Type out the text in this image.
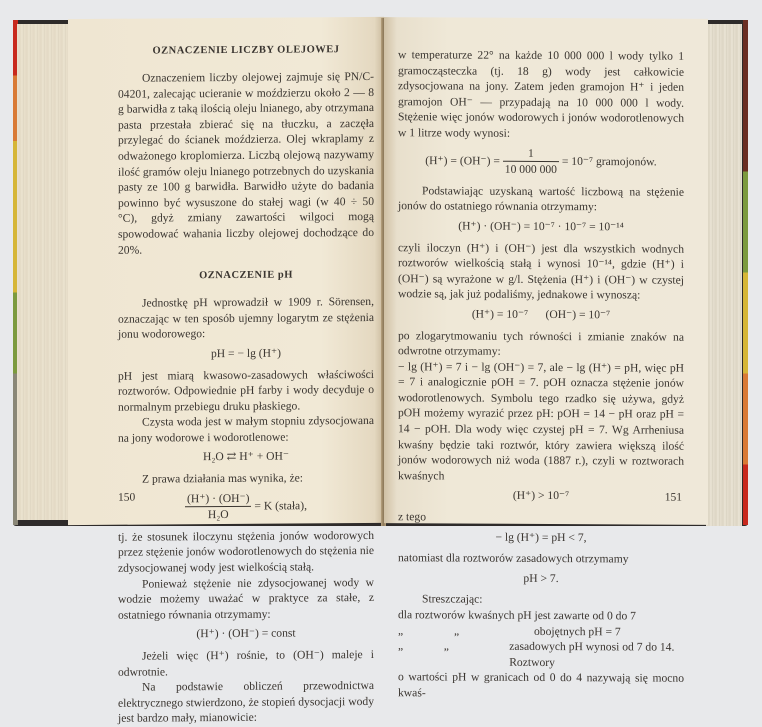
OZNACZENIE LICZBY OLEJOWEJ

Oznaczeniem liczby olejowej zajmuje się PN/C-04201, zalecając ucieranie w moździerzu około 2 — 8 g barwidła z taką ilością oleju lnianego, aby otrzymana pasta przestała zbierać się na tłuczku, a zaczęła przylegać do ścianek moździerza. Olej wkraplamy z odważonego kroplomierza. Liczbą olejową nazywamy ilość gramów oleju lnianego potrzebnych do uzyskania pasty ze 100 g barwidła. Barwidło użyte do badania powinno być wysuszone do stałej wagi (w 40 ÷ 50 °C), gdyż zmiany zawartości wilgoci mogą spowodować wahania liczby olejowej dochodzące do 20%.

OZNACZENIE pH

Jednostkę pH wprowadził w 1909 r. Sörensen, oznaczając w ten sposób ujemny logarytm ze stężenia jonu wodorowego:

pH = − lg (H⁺)

pH jest miarą kwasowo-zasadowych właściwości roztworów. Odpowiednie pH farby i wody decyduje o normalnym przebiegu druku płaskiego.

Czysta woda jest w małym stopniu zdysocjowana na jony wodorowe i wodorotlenowe:

H₂O ⇄ H⁺ + OH⁻

Z prawa działania mas wynika, że:

$\frac{(H^+) \cdot (OH^-)}{\text{H₂O}} = K$ (stała),

tj. że stosunek iloczynu stężenia jonów wodorowych przez stężenie jonów wodorotlenowych do stężenia nie zdysocjowanej wody jest wielkością stałą.

Ponieważ stężenie nie zdysocjowanej wody w wodzie możemy uważać w praktyce za stałe, z ostatniego równania otrzymamy:

(H⁺) · (OH⁻) = const

Jeżeli więc (H⁺) rośnie, to (OH⁻) maleje i odwrotnie.

Na podstawie obliczeń przewodnictwa elektrycznego stwierdzono, że stopień dysocjacji wody jest bardzo mały, mianowicie:

150

w temperaturze 22° na każde 10 000 000 l wody tylko 1 gramocząsteczka (tj. 18 g) wody jest całkowicie zdysocjowana na jony. Zatem jeden gramojon H⁺ i jeden gramojon OH⁻ — przypadają na 10 000 000 l wody. Stężenie więc jonów wodorowych i jonów wodorotlenowych w 1 litrze wody wynosi:

$(H^+) = (OH^-) = \frac{1}{10 000 000} = 10^{-7}$ gramojonów.

Podstawiając uzyskaną wartość liczbową na stężenie jonów do ostatniego równania otrzymamy:

(H⁺) · (OH⁻) = 10⁻⁷ · 10⁻⁷ = 10⁻¹⁴

czyli iloczyn (H⁺) i (OH⁻) jest dla wszystkich wodnych roztworów wielkością stałą i wynosi 10⁻¹⁴, gdzie (H⁺) i (OH⁻) są wyrażone w g/l. Stężenia (H⁺) i (OH⁻) w czystej wodzie są, jak już podaliśmy, jednakowe i wynoszą:

(H⁺) = 10⁻⁷      (OH⁻) = 10⁻⁷

po zlogarytmowaniu tych równości i zmianie znaków na odwrotne otrzymamy:

− lg (H⁺) = 7 i − lg (OH⁻) = 7, ale − lg (H⁺) = pH, więc pH = 7 i analogicznie pOH = 7. pOH oznacza stężenie jonów wodorotlenowych. Symbolu tego rzadko się używa, gdyż pOH możemy wyrazić przez pH: pOH = 14 − pH oraz pH = 14 − pOH. Dla wody więc czystej pH = 7. Wg Arrheniusa kwaśny będzie taki roztwór, który zawiera większą ilość jonów wodorowych niż woda (1887 r.), czyli w roztworach kwaśnych

(H⁺) > 10⁻⁷

z tego

− lg (H⁺) = pH < 7,

natomiast dla roztworów zasadowych otrzymamy

pH > 7.

Streszczając:

dla roztworów
kwaśnych pH jest zawarte od 0 do 7
„	„	obojętnych pH = 7
„	„	zasadowych pH wynosi od 7 do 14. Roztwory

o wartości pH w granicach od 0 do 4 nazywają się mocno kwaś-

151
